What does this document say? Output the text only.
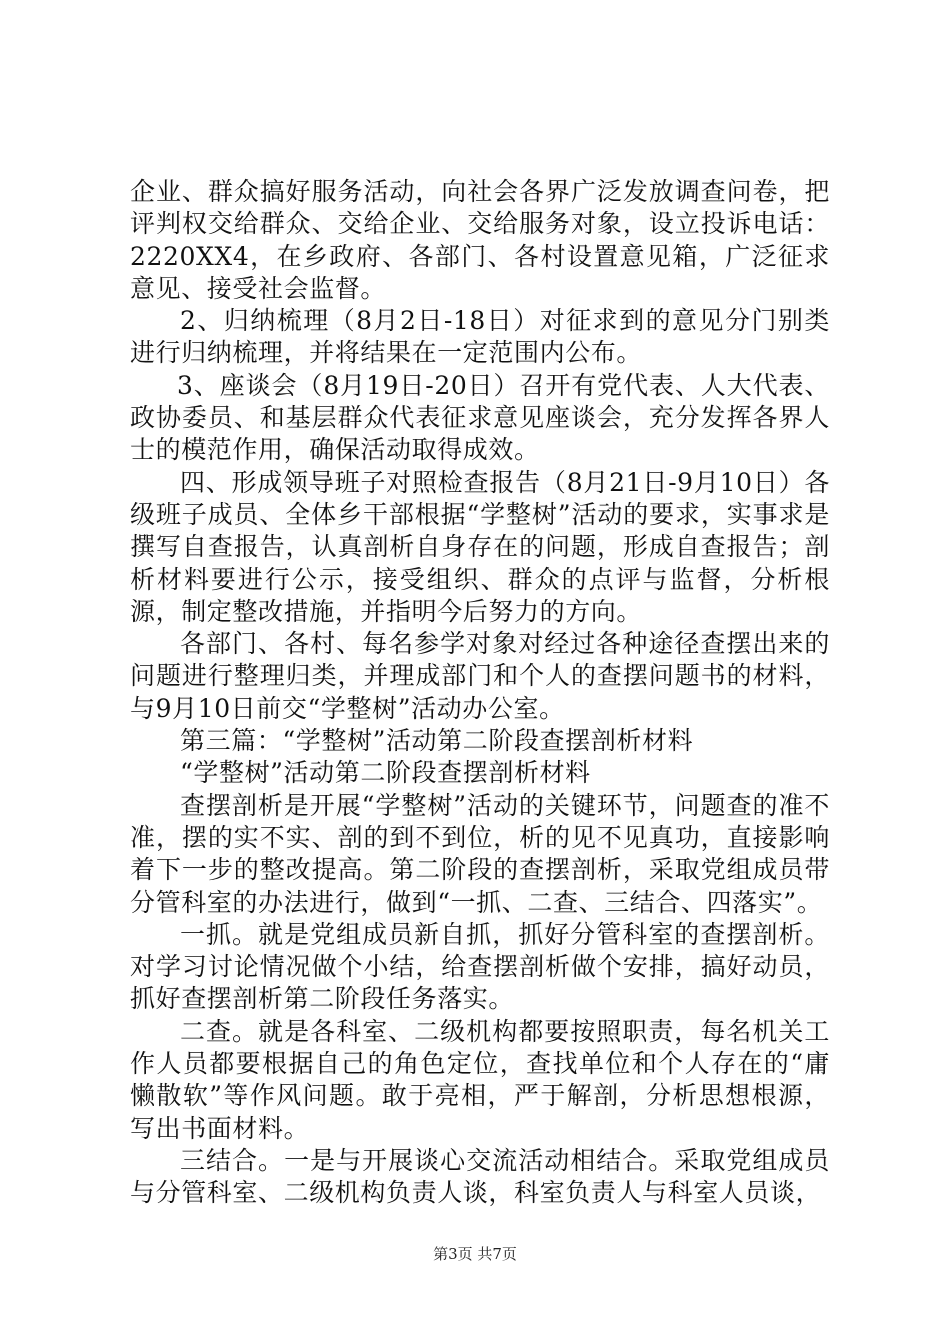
企业、群众搞好服务活动，向社会各界广泛发放调查问卷，把评判权交给群众、交给企业、交给服务对象，设立投诉电话：2220XX4，在乡政府、各部门、各村设置意见箱，广泛征求意见、接受社会监督。

2、归纳梳理（8月2日-18日）对征求到的意见分门别类进行归纳梳理，并将结果在一定范围内公布。

3、座谈会（8月19日-20日）召开有党代表、人大代表、政协委员、和基层群众代表征求意见座谈会，充分发挥各界人士的模范作用，确保活动取得成效。

四、形成领导班子对照检查报告（8月21日-9月10日）各级班子成员、全体乡干部根据“学整树”活动的要求，实事求是撰写自查报告，认真剖析自身存在的问题，形成自查报告；剖析材料要进行公示，接受组织、群众的点评与监督，分析根源，制定整改措施，并指明今后努力的方向。

各部门、各村、每名参学对象对经过各种途径查摆出来的问题进行整理归类，并理成部门和个人的查摆问题书的材料，与9月10日前交“学整树”活动办公室。

第三篇：“学整树”活动第二阶段查摆剖析材料

“学整树”活动第二阶段查摆剖析材料

查摆剖析是开展“学整树”活动的关键环节，问题查的准不准，摆的实不实、剖的到不到位，析的见不见真功，直接影响着下一步的整改提高。第二阶段的查摆剖析，采取党组成员带分管科室的办法进行，做到“一抓、二查、三结合、四落实”。

一抓。就是党组成员新自抓，抓好分管科室的查摆剖析。对学习讨论情况做个小结，给查摆剖析做个安排，搞好动员，抓好查摆剖析第二阶段任务落实。

二查。就是各科室、二级机构都要按照职责，每名机关工作人员都要根据自己的角色定位，查找单位和个人存在的“庸懒散软”等作风问题。敢于亮相，严于解剖，分析思想根源，写出书面材料。

三结合。一是与开展谈心交流活动相结合。采取党组成员与分管科室、二级机构负责人谈，科室负责人与科室人员谈，

第3页 共7页
